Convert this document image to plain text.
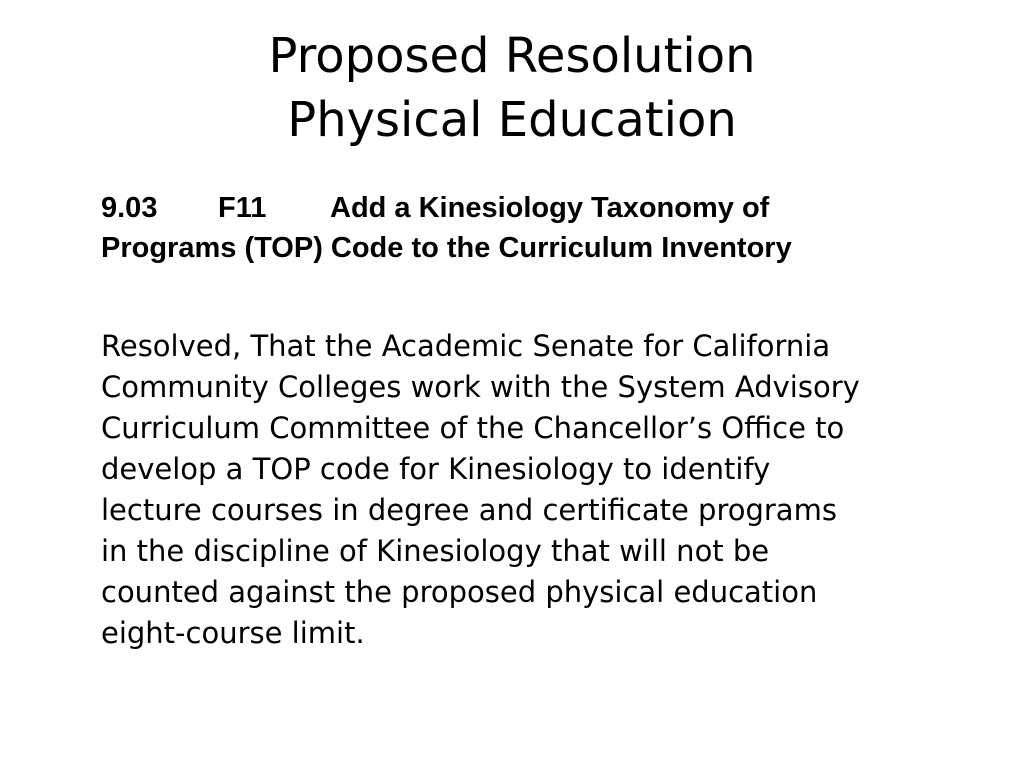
Proposed Resolution
Physical Education
9.03 F11 Add a Kinesiology Taxonomy of
Programs (TOP) Code to the Curriculum Inventory
Resolved, That the Academic Senate for California
Community Colleges work with the System Advisory
Curriculum Committee of the Chancellor’s Office to
develop a TOP code for Kinesiology to identify
lecture courses in degree and certificate programs
in the discipline of Kinesiology that will not be
counted against the proposed physical education
eight-course limit.
